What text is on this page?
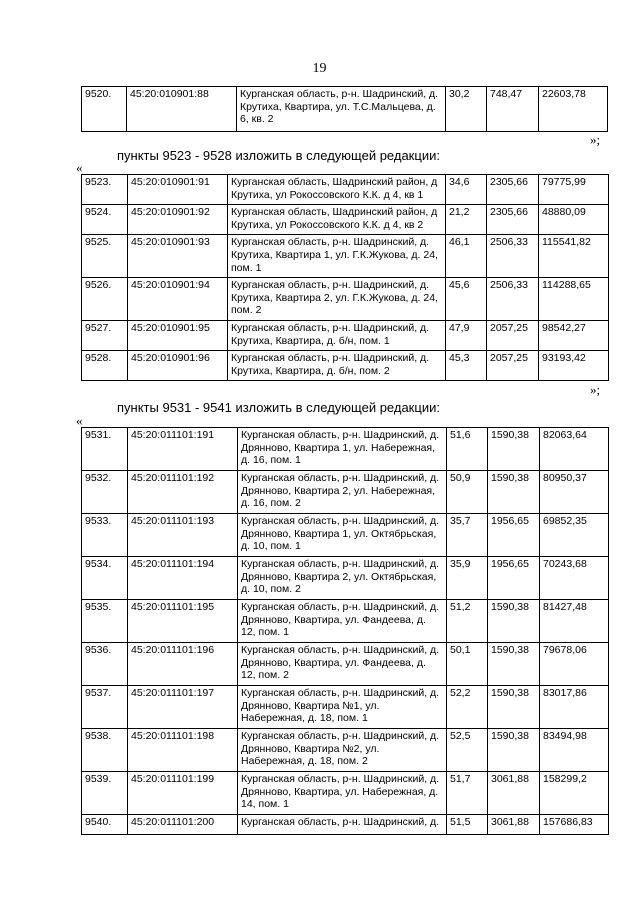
19
9520.	45:20:010901:88	Курганская область, р-н. Шадринский, д. Крутиха, Квартира, ул. Т.С.Мальцева, д. 6, кв. 2	30,2	748,47	22603,78
»;
пункты 9523 - 9528 изложить в следующей редакции:
«
9523.	45:20:010901:91	Курганская область, Шадринский район, д Крутиха, ул Рокоссовского К.К. д 4, кв 1	34,6	2305,66	79775,99
9524.	45:20:010901:92	Курганская область, Шадринский район, д Крутиха, ул Рокоссовского К.К. д 4, кв 2	21,2	2305,66	48880,09
9525.	45:20:010901:93	Курганская область, р-н. Шадринский, д. Крутиха, Квартира 1, ул. Г.К.Жукова, д. 24, пом. 1	46,1	2506,33	115541,82
9526.	45:20:010901:94	Курганская область, р-н. Шадринский, д. Крутиха, Квартира 2, ул. Г.К.Жукова, д. 24, пом. 2	45,6	2506,33	114288,65
9527.	45:20:010901:95	Курганская область, р-н. Шадринский, д. Крутиха, Квартира, д. б/н, пом. 1	47,9	2057,25	98542,27
9528.	45:20:010901:96	Курганская область, р-н. Шадринский, д. Крутиха, Квартира, д. б/н, пом. 2	45,3	2057,25	93193,42
»;
пункты 9531 - 9541 изложить в следующей редакции:
«
9531.	45:20:011101:191	Курганская область, р-н. Шадринский, д. Дрянново, Квартира 1, ул. Набережная, д. 16, пом. 1	51,6	1590,38	82063,64
9532.	45:20:011101:192	Курганская область, р-н. Шадринский, д. Дрянново, Квартира 2, ул. Набережная, д. 16, пом. 2	50,9	1590,38	80950,37
9533.	45:20:011101:193	Курганская область, р-н. Шадринский, д. Дрянново, Квартира 1, ул. Октябрьская, д. 10, пом. 1	35,7	1956,65	69852,35
9534.	45:20:011101:194	Курганская область, р-н. Шадринский, д. Дрянново, Квартира 2, ул. Октябрьская, д. 10, пом. 2	35,9	1956,65	70243,68
9535.	45:20:011101:195	Курганская область, р-н. Шадринский, д. Дрянново, Квартира, ул. Фандеева, д. 12, пом. 1	51,2	1590,38	81427,48
9536.	45:20:011101:196	Курганская область, р-н. Шадринский, д. Дрянново, Квартира, ул. Фандеева, д. 12, пом. 2	50,1	1590,38	79678,06
9537.	45:20:011101:197	Курганская область, р-н. Шадринский, д. Дрянново, Квартира №1, ул. Набережная, д. 18, пом. 1	52,2	1590,38	83017,86
9538.	45:20:011101:198	Курганская область, р-н. Шадринский, д. Дрянново, Квартира №2, ул. Набережная, д. 18, пом. 2	52,5	1590,38	83494,98
9539.	45:20:011101:199	Курганская область, р-н. Шадринский, д. Дрянново, Квартира, ул. Набережная, д. 14, пом. 1	51,7	3061,88	158299,2
9540.	45:20:011101:200	Курганская область, р-н. Шадринский, д.	51,5	3061,88	157686,83
